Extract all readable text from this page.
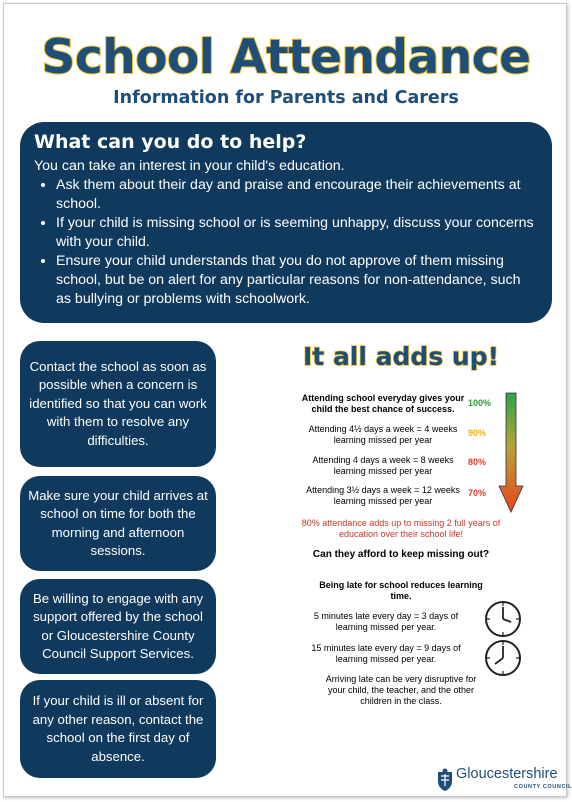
School Attendance
Information for Parents and Carers
What can you do to help?
You can take an interest in your child's education.
• Ask them about their day and praise and encourage their achievements at school.
• If your child is missing school or is seeming unhappy, discuss your concerns with your child.
• Ensure your child understands that you do not approve of them missing school, but be on alert for any particular reasons for non-attendance, such as bullying or problems with schoolwork.
Contact the school as soon as possible when a concern is identified so that you can work with them to resolve any difficulties.
Make sure your child arrives at school on time for both the morning and afternoon sessions.
Be willing to engage with any support offered by the school or Gloucestershire County Council Support Services.
If your child is ill or absent for any other reason, contact the school on the first day of absence.
It all adds up!
Attending school everyday gives your
child the best chance of success.
100%
Attending 4½ days a week = 4 weeks
learning missed per year
90%
Attending 4 days a week = 8 weeks
learning missed per year
80%
Attending 3½ days a week = 12 weeks
learning missed per year
70%
80% attendance adds up to missing 2 full years of
education over their school life!
Can they afford to keep missing out?
Being late for school reduces learning
time.
5 minutes late every day = 3 days of
learning missed per year.
15 minutes late every day = 9 days of
learning missed per year.
Arriving late can be very disruptive for
your child, the teacher, and the other
children in the class.
Gloucestershire
COUNTY COUNCIL
